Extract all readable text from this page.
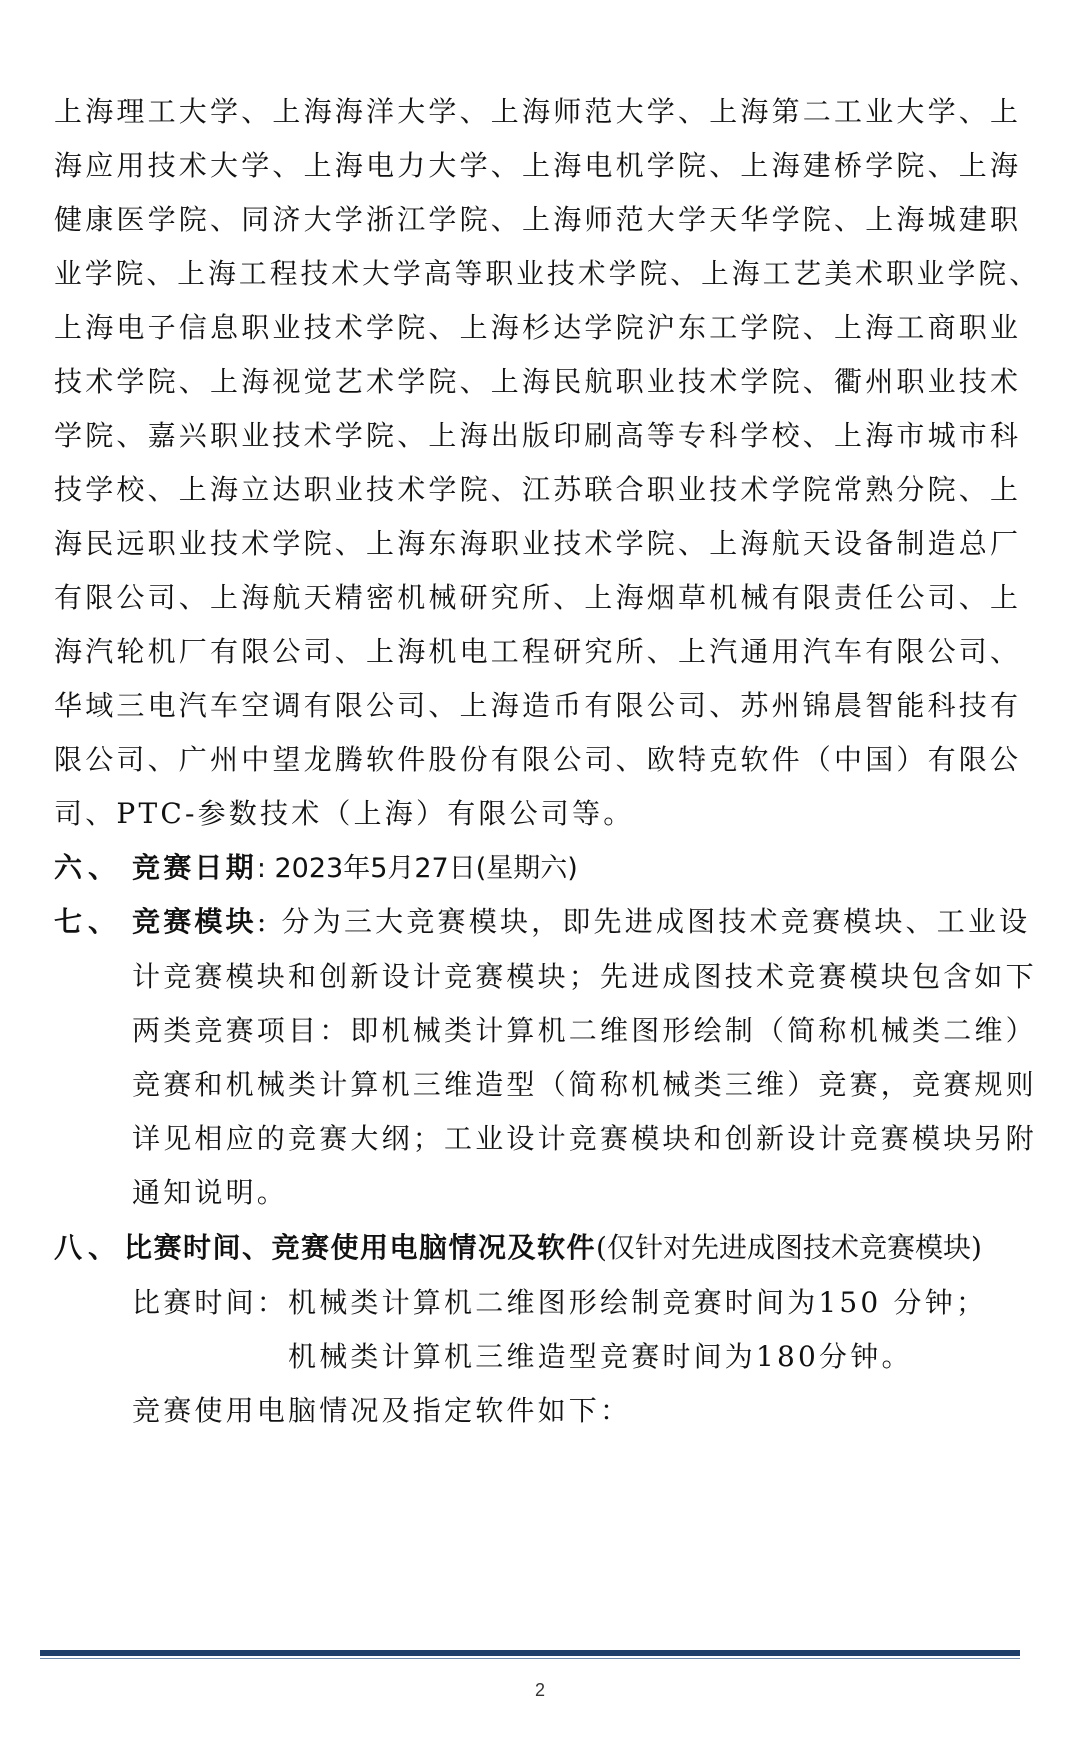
上海理工大学、上海海洋大学、上海师范大学、上海第二工业大学、上
海应用技术大学、上海电力大学、上海电机学院、上海建桥学院、上海
健康医学院、同济大学浙江学院、上海师范大学天华学院、上海城建职
业学院、上海工程技术大学高等职业技术学院、上海工艺美术职业学院、
上海电子信息职业技术学院、上海杉达学院沪东工学院、上海工商职业
技术学院、上海视觉艺术学院、上海民航职业技术学院、衢州职业技术
学院、嘉兴职业技术学院、上海出版印刷高等专科学校、上海市城市科
技学校、上海立达职业技术学院、江苏联合职业技术学院常熟分院、上
海民远职业技术学院、上海东海职业技术学院、上海航天设备制造总厂
有限公司、上海航天精密机械研究所、上海烟草机械有限责任公司、上
海汽轮机厂有限公司、上海机电工程研究所、上汽通用汽车有限公司、
华域三电汽车空调有限公司、上海造币有限公司、苏州锦晨智能科技有
限公司、广州中望龙腾软件股份有限公司、欧特克软件（中国）有限公
司、PTC-参数技术（上海）有限公司等。
六、 竞赛日期: 2023年5月27日(星期六)
七、 竞赛模块: 分为三大竞赛模块，即先进成图技术竞赛模块、工业设
计竞赛模块和创新设计竞赛模块；先进成图技术竞赛模块包含如下
两类竞赛项目：即机械类计算机二维图形绘制（简称机械类二维）
竞赛和机械类计算机三维造型（简称机械类三维）竞赛，竞赛规则
详见相应的竞赛大纲；工业设计竞赛模块和创新设计竞赛模块另附
通知说明。
八、比赛时间、竞赛使用电脑情况及软件(仅针对先进成图技术竞赛模块)
比赛时间：机械类计算机二维图形绘制竞赛时间为150 分钟；
机械类计算机三维造型竞赛时间为180分钟。
竞赛使用电脑情况及指定软件如下：
2
